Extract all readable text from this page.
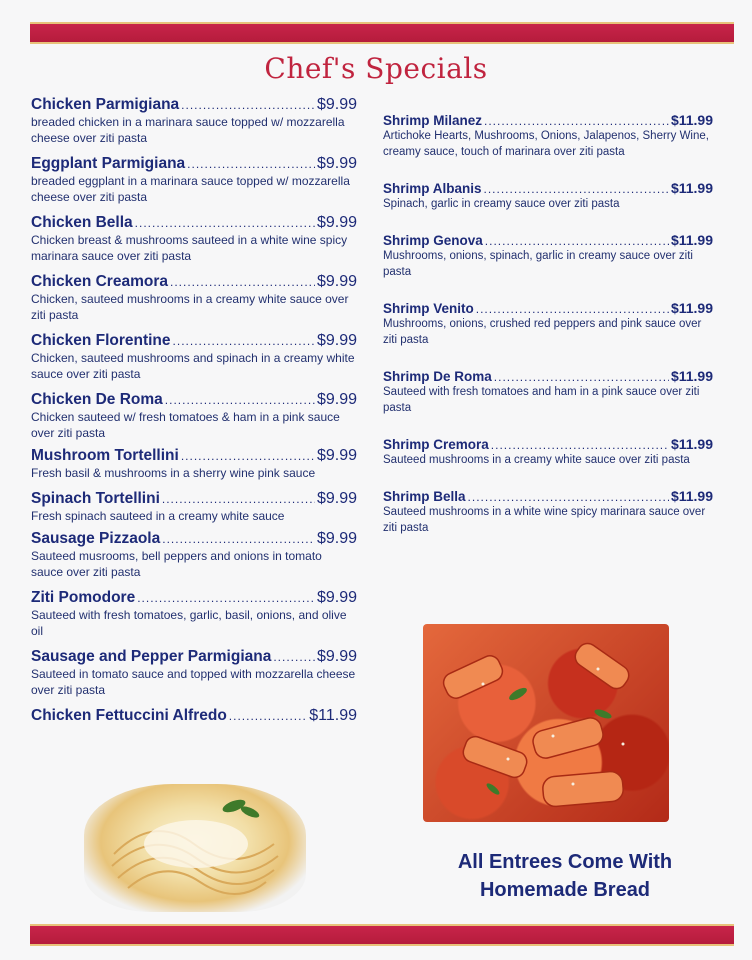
Chef's Specials
Chicken Parmigiana .....	$9.99
breaded chicken in a marinara sauce topped w/ mozzarella cheese over ziti pasta
Eggplant Parmigiana .....	$9.99
breaded eggplant in a marinara sauce topped w/ mozzarella cheese over ziti pasta
Chicken Bella .....	$9.99
Chicken breast & mushrooms sauteed in a white wine spicy marinara sauce over ziti pasta
Chicken Creamora .....	$9.99
Chicken, sauteed mushrooms in a creamy white sauce over ziti pasta
Chicken Florentine .....	$9.99
Chicken, sauteed mushrooms and spinach in a creamy white sauce over ziti pasta
Chicken De Roma .....	$9.99
Chicken sauteed w/ fresh tomatoes & ham in a pink sauce over ziti pasta
Mushroom Tortellini .....	$9.99
Fresh basil & mushrooms in a sherry wine pink sauce
Spinach Tortellini .....	$9.99
Fresh spinach sauteed in a creamy white sauce
Sausage Pizzaola .....	$9.99
Sauteed musrooms, bell peppers and onions in tomato sauce over ziti pasta
Ziti Pomodore .....	$9.99
Sauteed with fresh tomatoes, garlic, basil, onions, and olive oil
Sausage and Pepper Parmigiana .....	$9.99
Sauteed in tomato sauce and topped with mozzarella cheese over ziti pasta
Chicken Fettuccini Alfredo .....	$11.99
Shrimp Milanez .....	$11.99
Artichoke Hearts, Mushrooms, Onions, Jalapenos, Sherry Wine, creamy sauce, touch of marinara over ziti pasta
Shrimp Albanis .....	$11.99
Spinach, garlic in creamy sauce over ziti pasta
Shrimp Genova .....	$11.99
Mushrooms, onions, spinach, garlic in creamy sauce over ziti pasta
Shrimp Venito .....	$11.99
Mushrooms, onions, crushed red peppers and pink sauce over ziti pasta
Shrimp De Roma .....	$11.99
Sauteed with fresh tomatoes and ham in a pink sauce over ziti pasta
Shrimp Cremora .....	$11.99
Sauteed mushrooms in a creamy white sauce over ziti pasta
Shrimp Bella .....	$11.99
Sauteed mushrooms in a white wine spicy marinara sauce over ziti pasta
All Entrees Come With
Homemade Bread
